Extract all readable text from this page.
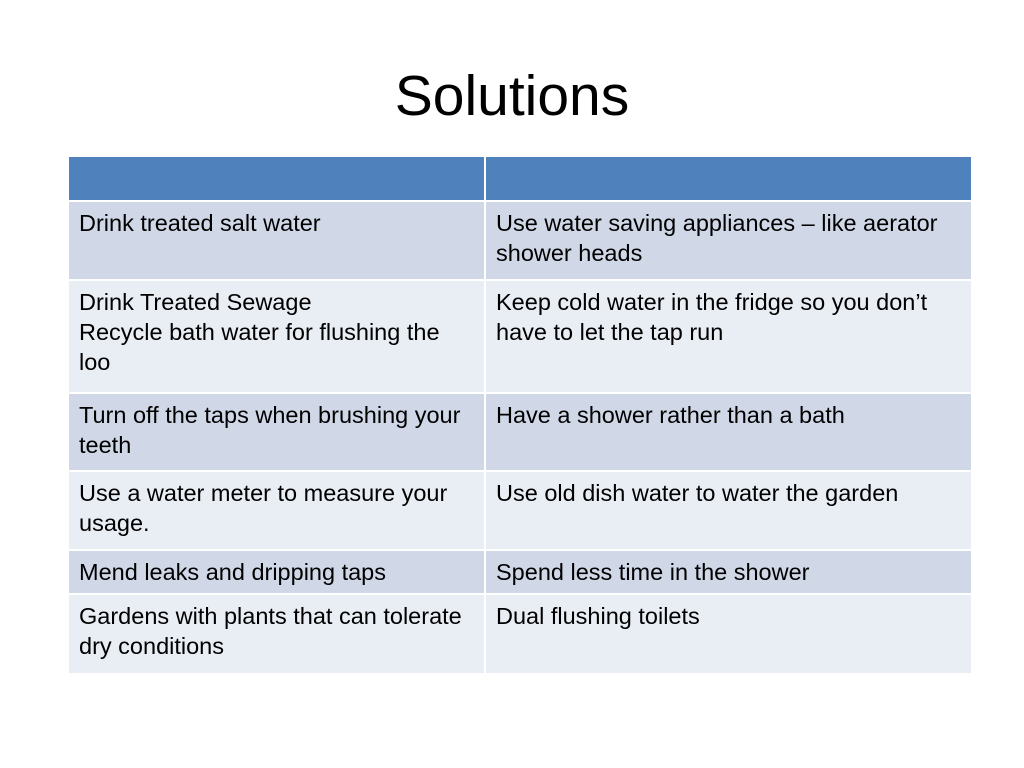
Solutions
Drink treated salt water	Use water saving appliances – like aerator shower heads
Drink Treated Sewage
Recycle bath water for flushing the loo
Keep cold water in the fridge so you don’t have to let the tap run
Turn off the taps when brushing your teeth
Have a shower rather than a bath
Use a water meter to measure your usage.
Use old dish water to water the garden
Mend leaks and dripping taps	Spend less time in the shower
Gardens with plants that can tolerate dry conditions
Dual flushing toilets
